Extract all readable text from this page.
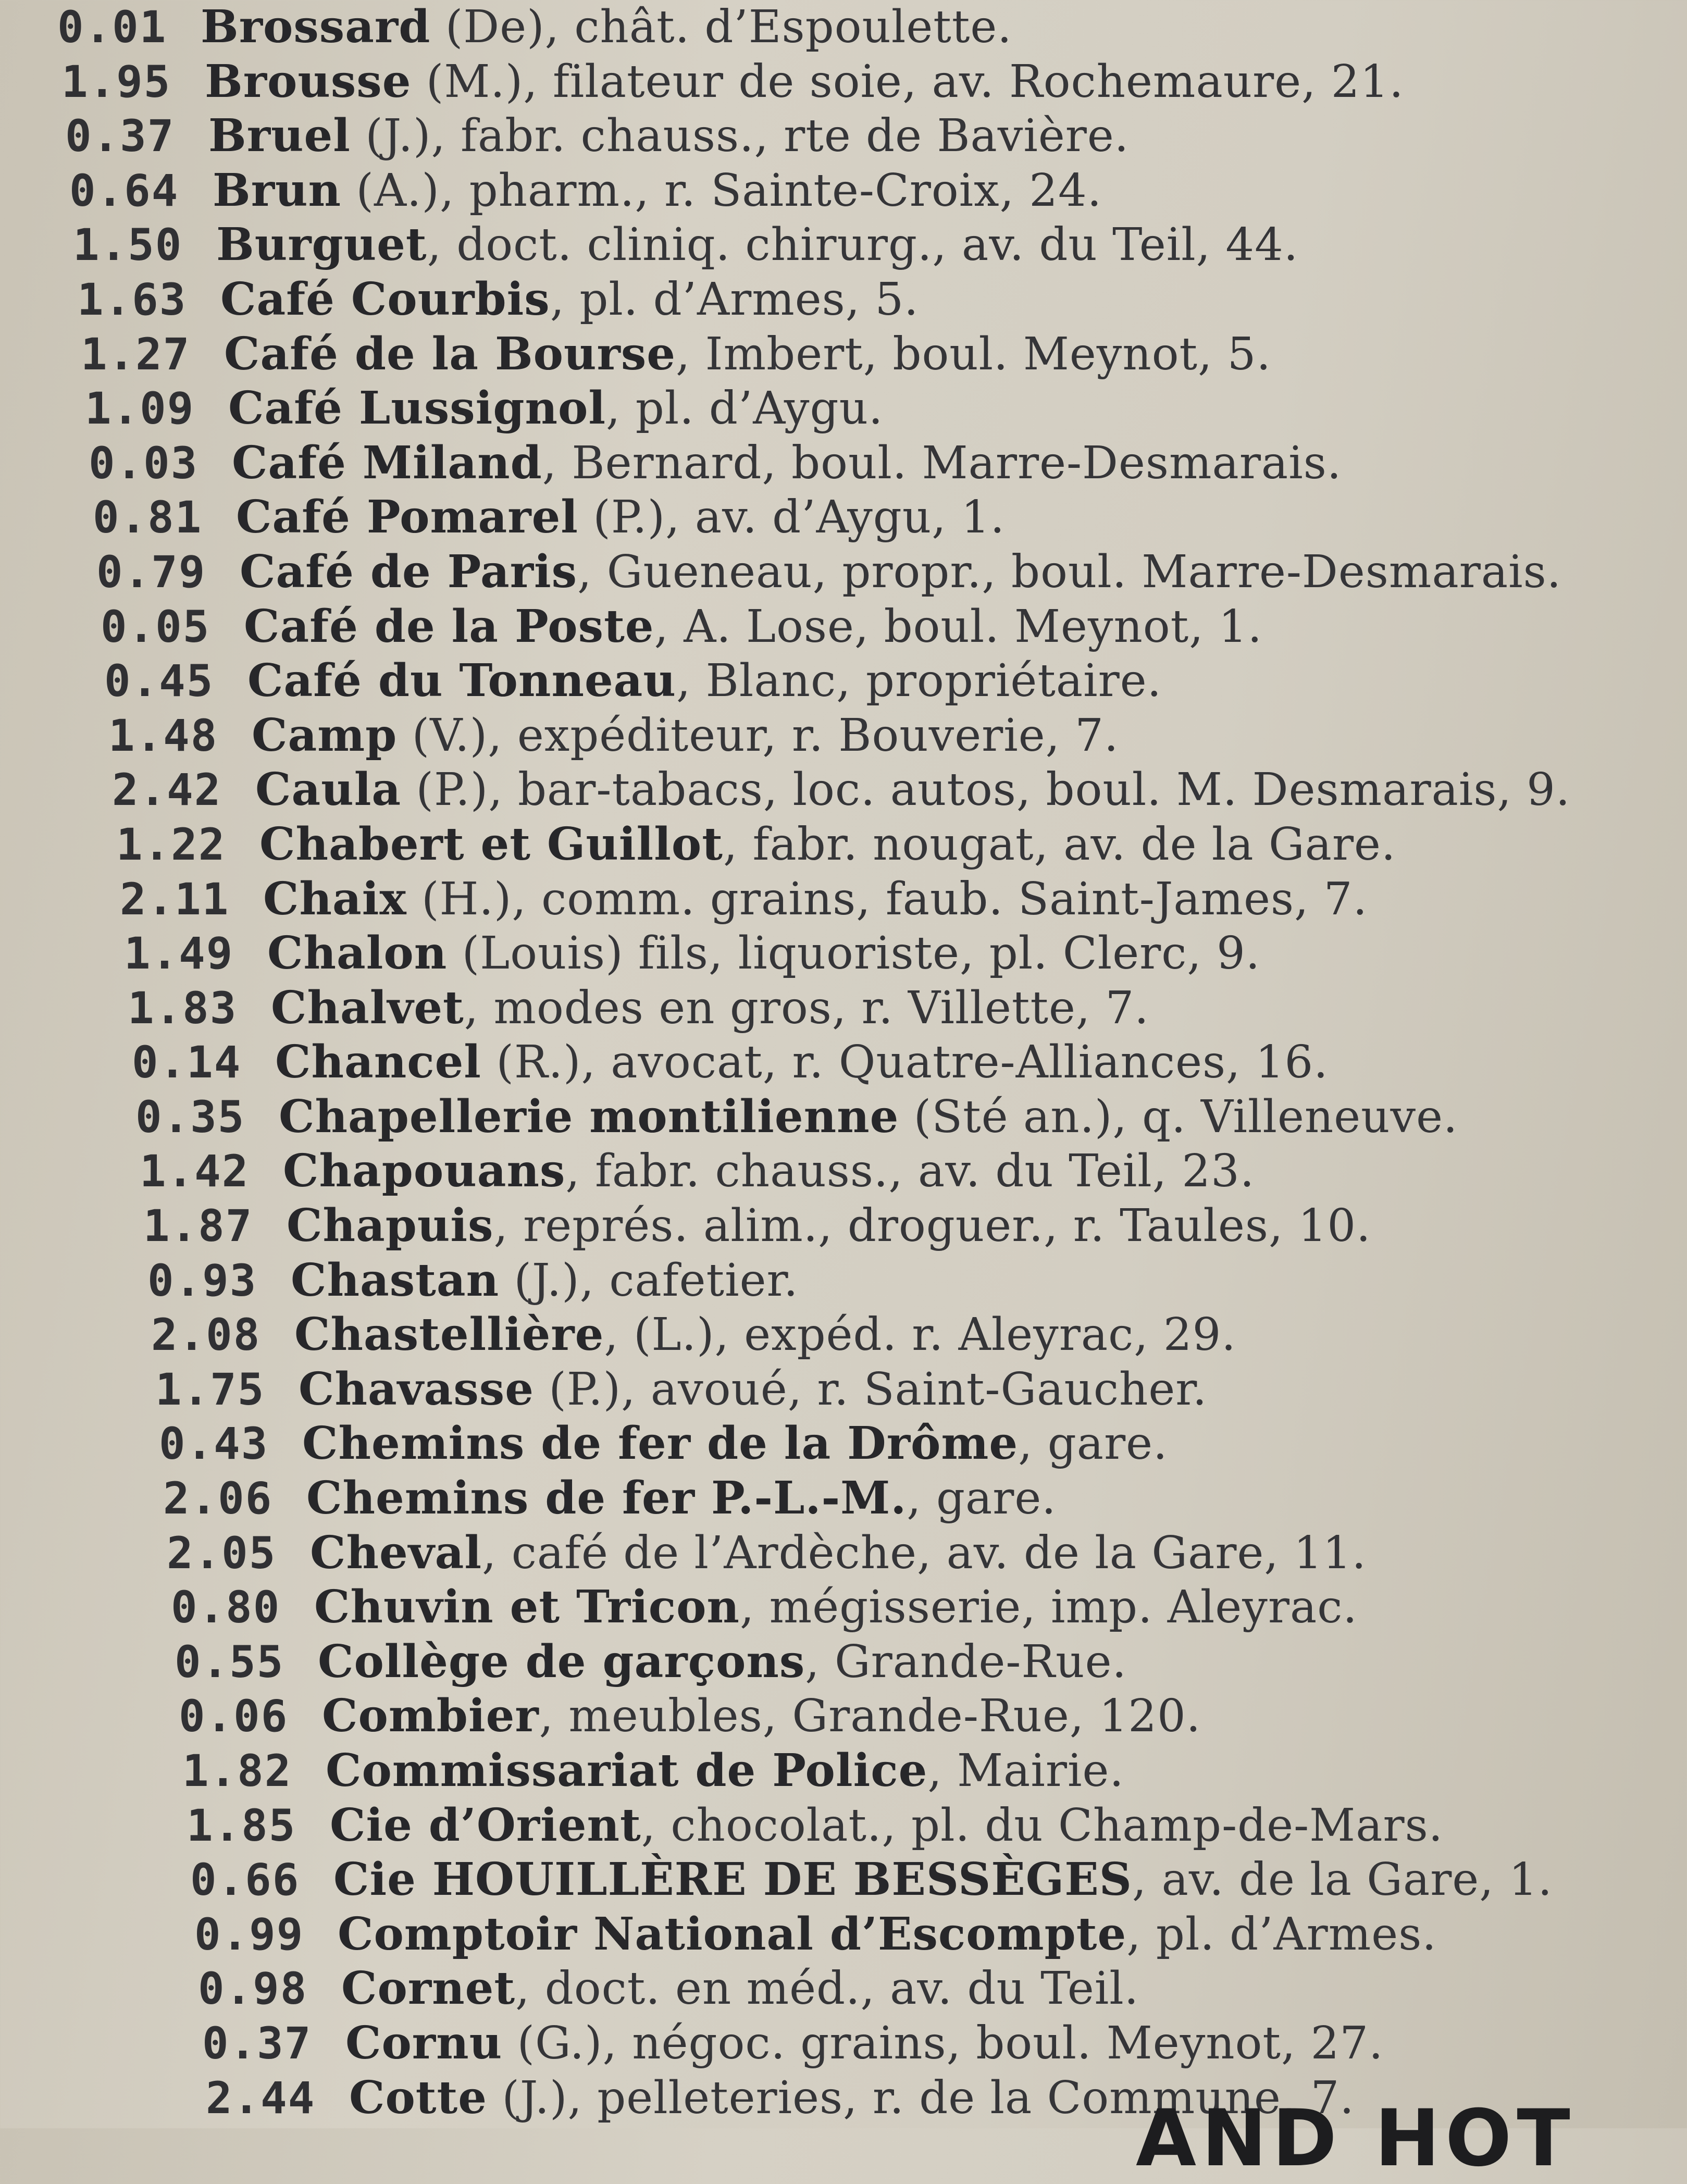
0.01 Brossard (De), chât. d’Espoulette.
1.95 Brousse (M.), filateur de soie, av. Rochemaure, 21.
0.37 Bruel (J.), fabr. chauss., rte de Bavière.
0.64 Brun (A.), pharm., r. Sainte-Croix, 24.
1.50 Burguet, doct. cliniq. chirurg., av. du Teil, 44.
1.63 Café Courbis, pl. d’Armes, 5.
1.27 Café de la Bourse, Imbert, boul. Meynot, 5.
1.09 Café Lussignol, pl. d’Aygu.
0.03 Café Miland, Bernard, boul. Marre-Desmarais.
0.81 Café Pomarel (P.), av. d’Aygu, 1.
0.79 Café de Paris, Gueneau, propr., boul. Marre-Desmarais.
0.05 Café de la Poste, A. Lose, boul. Meynot, 1.
0.45 Café du Tonneau, Blanc, propriétaire.
1.48 Camp (V.), expéditeur, r. Bouverie, 7.
2.42 Caula (P.), bar-tabacs, loc. autos, boul. M. Desmarais, 9.
1.22 Chabert et Guillot, fabr. nougat, av. de la Gare.
2.11 Chaix (H.), comm. grains, faub. Saint-James, 7.
1.49 Chalon (Louis) fils, liquoriste, pl. Clerc, 9.
1.83 Chalvet, modes en gros, r. Villette, 7.
0.14 Chancel (R.), avocat, r. Quatre-Alliances, 16.
0.35 Chapellerie montilienne (Sté an.), q. Villeneuve.
1.42 Chapouans, fabr. chauss., av. du Teil, 23.
1.87 Chapuis, représ. alim., droguer., r. Taules, 10.
0.93 Chastan (J.), cafetier.
2.08 Chastellière, (L.), expéd. r. Aleyrac, 29.
1.75 Chavasse (P.), avoué, r. Saint-Gaucher.
0.43 Chemins de fer de la Drôme, gare.
2.06 Chemins de fer P.-L.-M., gare.
2.05 Cheval, café de l’Ardèche, av. de la Gare, 11.
0.80 Chuvin et Tricon, mégisserie, imp. Aleyrac.
0.55 Collège de garçons, Grande-Rue.
0.06 Combier, meubles, Grande-Rue, 120.
1.82 Commissariat de Police, Mairie.
1.85 Cie d’Orient, chocolat., pl. du Champ-de-Mars.
0.66 Cie HOUILLÈRE DE BESSÈGES, av. de la Gare, 1.
0.99 Comptoir National d’Escompte, pl. d’Armes.
0.98 Cornet, doct. en méd., av. du Teil.
0.37 Cornu (G.), négoc. grains, boul. Meynot, 27.
2.44 Cotte (J.), pelleteries, r. de la Commune, 7.
AND HOT
